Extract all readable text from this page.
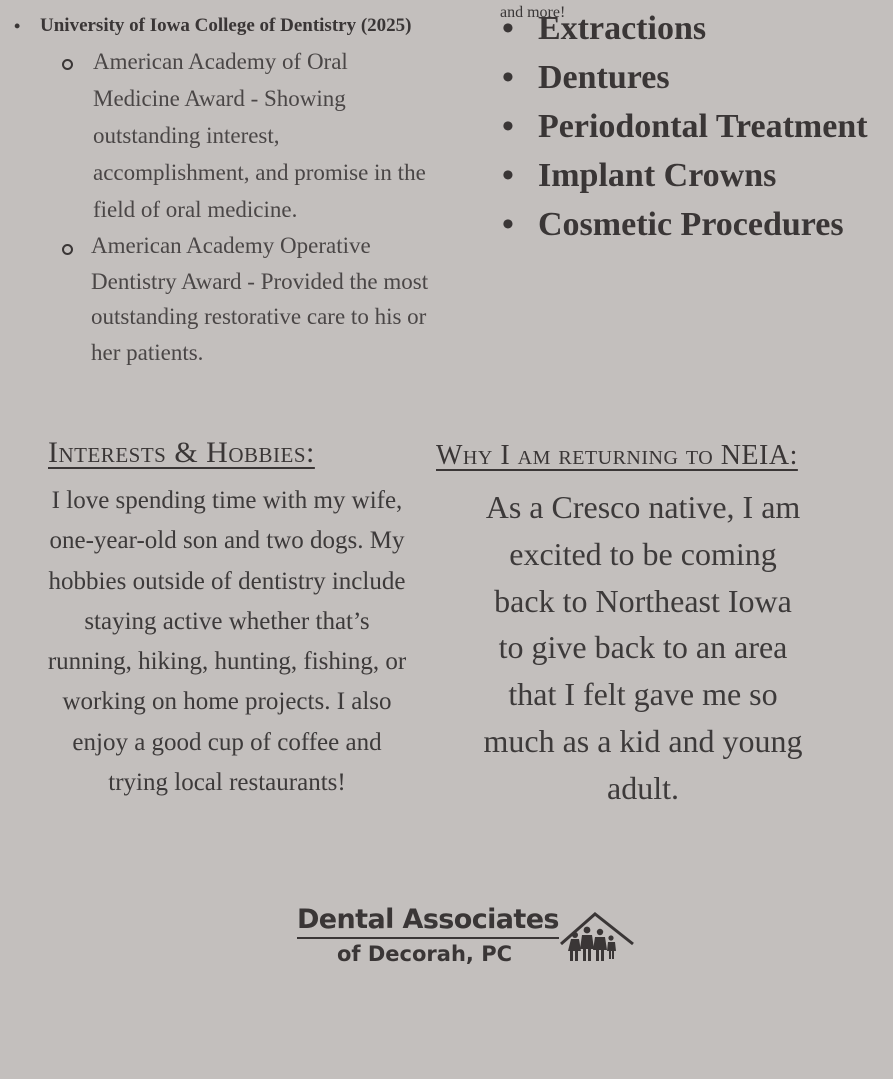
• University of Iowa College of Dentistry (2025)
American Academy of Oral
Medicine Award - Showing
outstanding interest,
accomplishment, and promise in the
field of oral medicine.
American Academy Operative
Dentistry Award - Provided the most
outstanding restorative care to his or
her patients.
• Extractions
• Dentures
• Periodontal Treatment
• Implant Crowns
• Cosmetic Procedures
and more!
Interests & Hobbies:
I love spending time with my wife,
one-year-old son and two dogs. My
hobbies outside of dentistry include
staying active whether that’s
running, hiking, hunting, fishing, or
working on home projects. I also
enjoy a good cup of coffee and
trying local restaurants!
Why I am returning to NEIA:
As a Cresco native, I am
excited to be coming
back to Northeast Iowa
to give back to an area
that I felt gave me so
much as a kid and young
adult.
Dental Associates
of Decorah, PC
